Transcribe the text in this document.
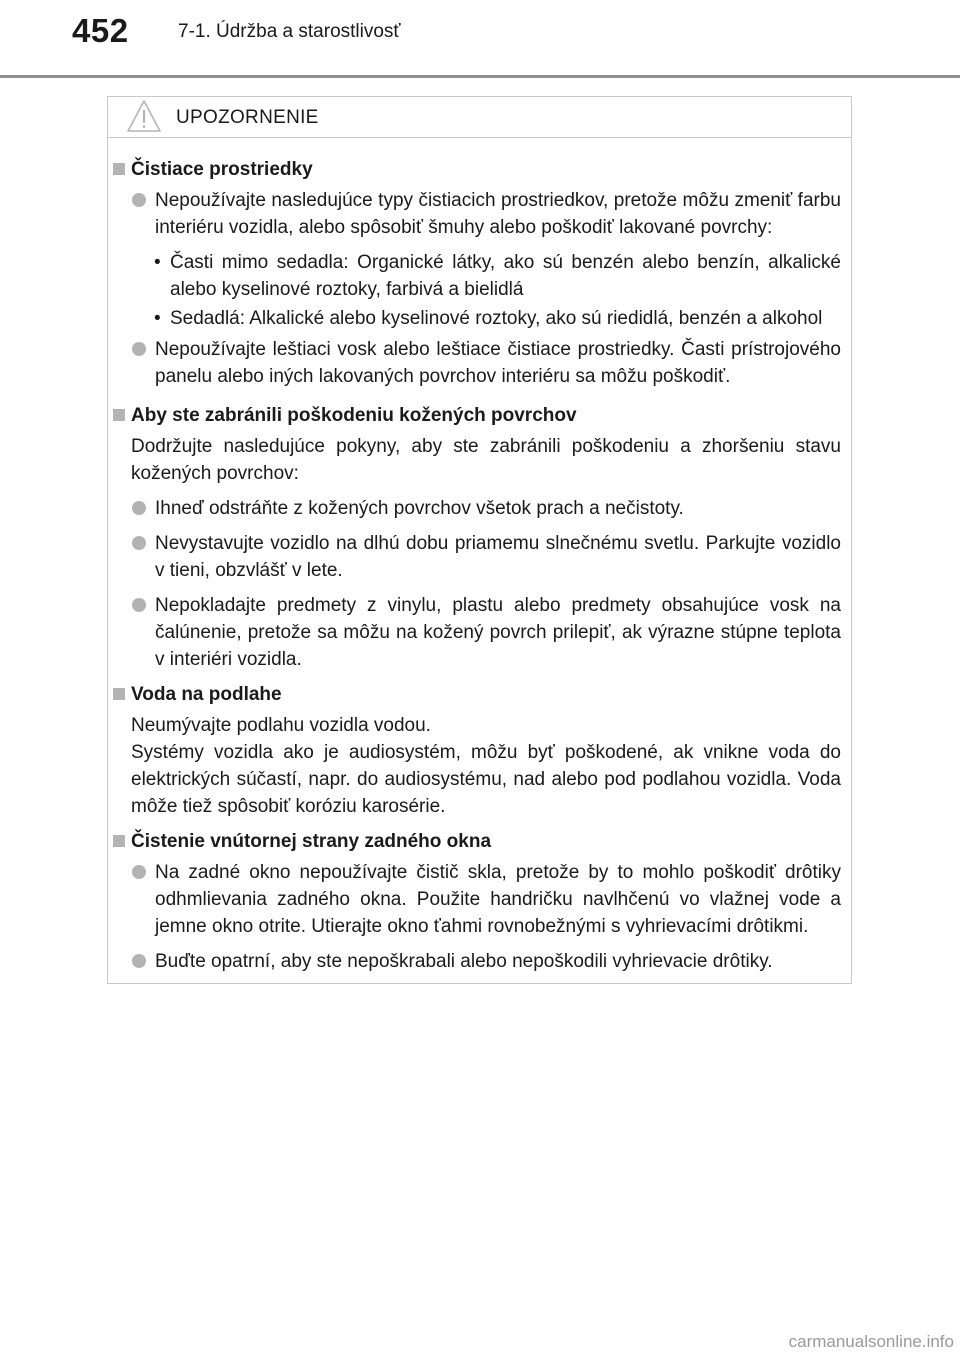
452	7-1. Údržba a starostlivosť
UPOZORNENIE
Čistiace prostriedky
Nepoužívajte nasledujúce typy čistiacich prostriedkov, pretože môžu zmeniť farbu interiéru vozidla, alebo spôsobiť šmuhy alebo poškodiť lakované povrchy:
• Časti mimo sedadla: Organické látky, ako sú benzén alebo benzín, alkalické alebo kyselinové roztoky, farbivá a bielidlá
• Sedadlá: Alkalické alebo kyselinové roztoky, ako sú riedidlá, benzén a alkohol
Nepoužívajte leštiaci vosk alebo leštiace čistiace prostriedky. Časti prístrojového panelu alebo iných lakovaných povrchov interiéru sa môžu poškodiť.
Aby ste zabránili poškodeniu kožených povrchov
Dodržujte nasledujúce pokyny, aby ste zabránili poškodeniu a zhoršeniu stavu kožených povrchov:
Ihneď odstráňte z kožených povrchov všetok prach a nečistoty.
Nevystavujte vozidlo na dlhú dobu priamemu slnečnému svetlu. Parkujte vozidlo v tieni, obzvlášť v lete.
Nepokladajte predmety z vinylu, plastu alebo predmety obsahujúce vosk na čalúnenie, pretože sa môžu na kožený povrch prilepiť, ak výrazne stúpne teplota v interiéri vozidla.
Voda na podlahe
Neumývajte podlahu vozidla vodou.
Systémy vozidla ako je audiosystém, môžu byť poškodené, ak vnikne voda do elektrických súčastí, napr. do audiosystému, nad alebo pod podlahou vozidla. Voda môže tiež spôsobiť koróziu karosérie.
Čistenie vnútornej strany zadného okna
Na zadné okno nepoužívajte čistič skla, pretože by to mohlo poškodiť drôtiky odhmlievania zadného okna. Použite handričku navlhčenú vo vlažnej vode a jemne okno otrite. Utierajte okno ťahmi rovnobežnými s vyhrievacími drôtikmi.
Buďte opatrní, aby ste nepoškrabali alebo nepoškodili vyhrievacie drôtiky.
carmanualsonline.info
